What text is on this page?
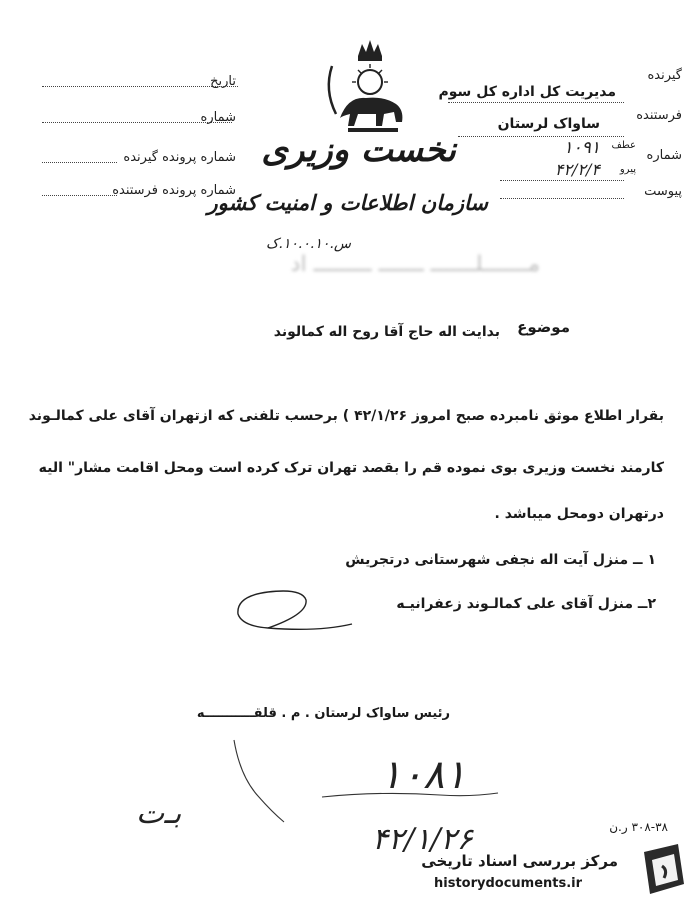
تاریخ
شماره
شماره پرونده گیرنده
شماره پرونده فرستنده
نخست وزیری
سازمان اطلاعات و امنیت کشور
س.۱۰.۰.۱۰.ک
گیرنده
مدیریت کل اداره کل سوم
فرستنده
ساواک لرستان
شماره
عطف
پیرو
۱۰۹۱
۴۲/۲/۴
پیوست
مـــــــلـــــــ ـــــــ ـــــــــ اد
موضوع
بدایت اله حاج آقا روح اله کمالوند
بقرار اطلاع موثق نامبرده صبح امروز ۴۲/۱/۲۶ ) برحسب تلفنی که ازتهران آقای علی کمالـوند
کارمند نخست وزیری بوی نموده قم را بقصد تهران ترک کرده است ومحل اقامت مشار" الیه
درتهران دومحل میباشد .
۱ ــ منزل آیت اله نجفی شهرستانی درتجریش
۲ــ منزل آقای علی کمالـوند زعفرانیـه
رئیس ساواک لرستان . م . قلقـــــــــــه
۱۰۸۱
۴۲/۱/۲۶
بـ‌ت	۳۰۸-۳۸ ر.ن
مرکز بررسی اسناد تاریخی
historydocuments.ir
